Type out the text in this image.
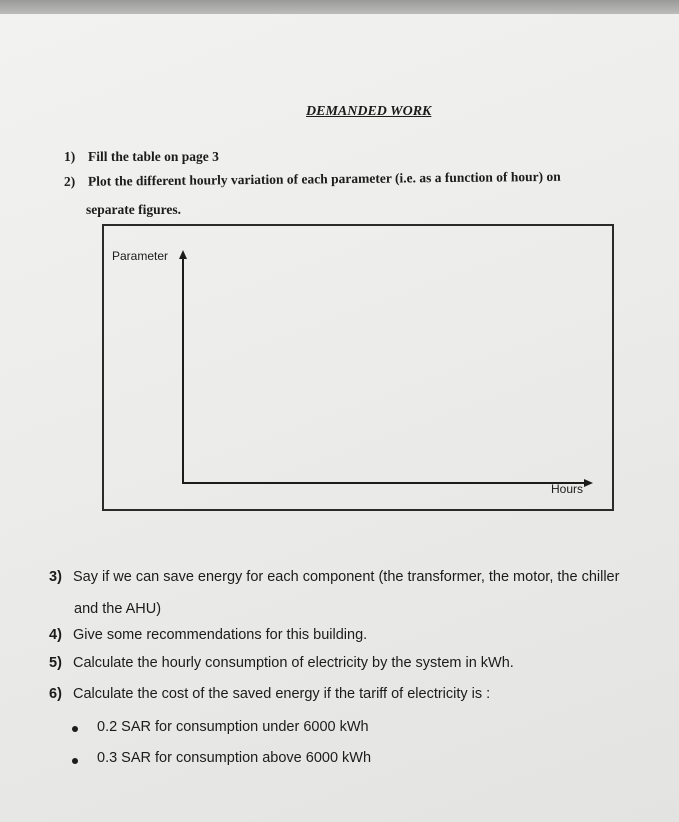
DEMANDED WORK
1) Fill the table on page 3
2) Plot the different hourly variation of each parameter (i.e. as a function of hour) on
separate figures.
Parameter
Hours
3) Say if we can save energy for each component (the transformer, the motor, the chiller
and the AHU)
4) Give some recommendations for this building.
5) Calculate the hourly consumption of electricity by the system in kWh.
6) Calculate the cost of the saved energy if the tariff of electricity is :
0.2 SAR for consumption under 6000 kWh
0.3 SAR for consumption above 6000 kWh
